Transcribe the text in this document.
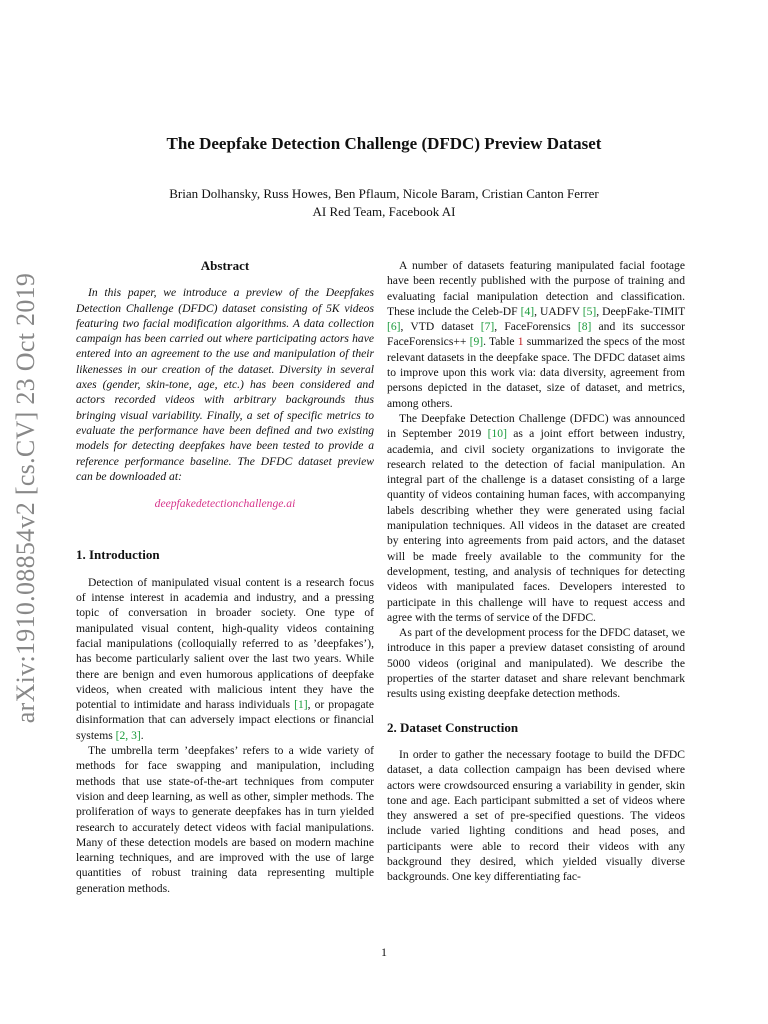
arXiv:1910.08854v2 [cs.CV] 23 Oct 2019
The Deepfake Detection Challenge (DFDC) Preview Dataset
Brian Dolhansky, Russ Howes, Ben Pflaum, Nicole Baram, Cristian Canton Ferrer
AI Red Team, Facebook AI
Abstract

In this paper, we introduce a preview of the Deepfakes Detection Challenge (DFDC) dataset consisting of 5K videos featuring two facial modification algorithms. A data collection campaign has been carried out where participating actors have entered into an agreement to the use and manipulation of their likenesses in our creation of the dataset. Diversity in several axes (gender, skin-tone, age, etc.) has been considered and actors recorded videos with arbitrary backgrounds thus bringing visual variability. Finally, a set of specific metrics to evaluate the performance have been defined and two existing models for detecting deepfakes have been tested to provide a reference performance baseline. The DFDC dataset preview can be downloaded at:

deepfakedetectionchallenge.ai
1. Introduction

Detection of manipulated visual content is a research focus of intense interest in academia and industry, and a pressing topic of conversation in broader society. One type of manipulated visual content, high-quality videos containing facial manipulations (colloquially referred to as ’deepfakes’), has become particularly salient over the last two years. While there are benign and even humorous applications of deepfake videos, when created with malicious intent they have the potential to intimidate and harass individuals [1], or propagate disinformation that can adversely impact elections or financial systems [2, 3].

The umbrella term ’deepfakes’ refers to a wide variety of methods for face swapping and manipulation, including methods that use state-of-the-art techniques from computer vision and deep learning, as well as other, simpler methods. The proliferation of ways to generate deepfakes has in turn yielded research to accurately detect videos with facial manipulations. Many of these detection models are based on modern machine learning techniques, and are improved with the use of large quantities of robust training data representing multiple generation methods.

A number of datasets featuring manipulated facial footage have been recently published with the purpose of training and evaluating facial manipulation detection and classification. These include the Celeb-DF [4], UADFV [5], DeepFake-TIMIT [6], VTD dataset [7], FaceForensics [8] and its successor FaceForensics++ [9]. Table 1 summarized the specs of the most relevant datasets in the deepfake space. The DFDC dataset aims to improve upon this work via: data diversity, agreement from persons depicted in the dataset, size of dataset, and metrics, among others.

The Deepfake Detection Challenge (DFDC) was announced in September 2019 [10] as a joint effort between industry, academia, and civil society organizations to invigorate the research related to the detection of facial manipulation. An integral part of the challenge is a dataset consisting of a large quantity of videos containing human faces, with accompanying labels describing whether they were generated using facial manipulation techniques. All videos in the dataset are created by entering into agreements from paid actors, and the dataset will be made freely available to the community for the development, testing, and analysis of techniques for detecting videos with manipulated faces. Developers interested to participate in this challenge will have to request access and agree with the terms of service of the DFDC.

As part of the development process for the DFDC dataset, we introduce in this paper a preview dataset consisting of around 5000 videos (original and manipulated). We describe the properties of the starter dataset and share relevant benchmark results using existing deepfake detection methods.

2. Dataset Construction

In order to gather the necessary footage to build the DFDC dataset, a data collection campaign has been devised where actors were crowdsourced ensuring a variability in gender, skin tone and age. Each participant submitted a set of videos where they answered a set of pre-specified questions. The videos include varied lighting conditions and head poses, and participants were able to record their videos with any background they desired, which yielded visually diverse backgrounds. One key differentiating fac-

1
